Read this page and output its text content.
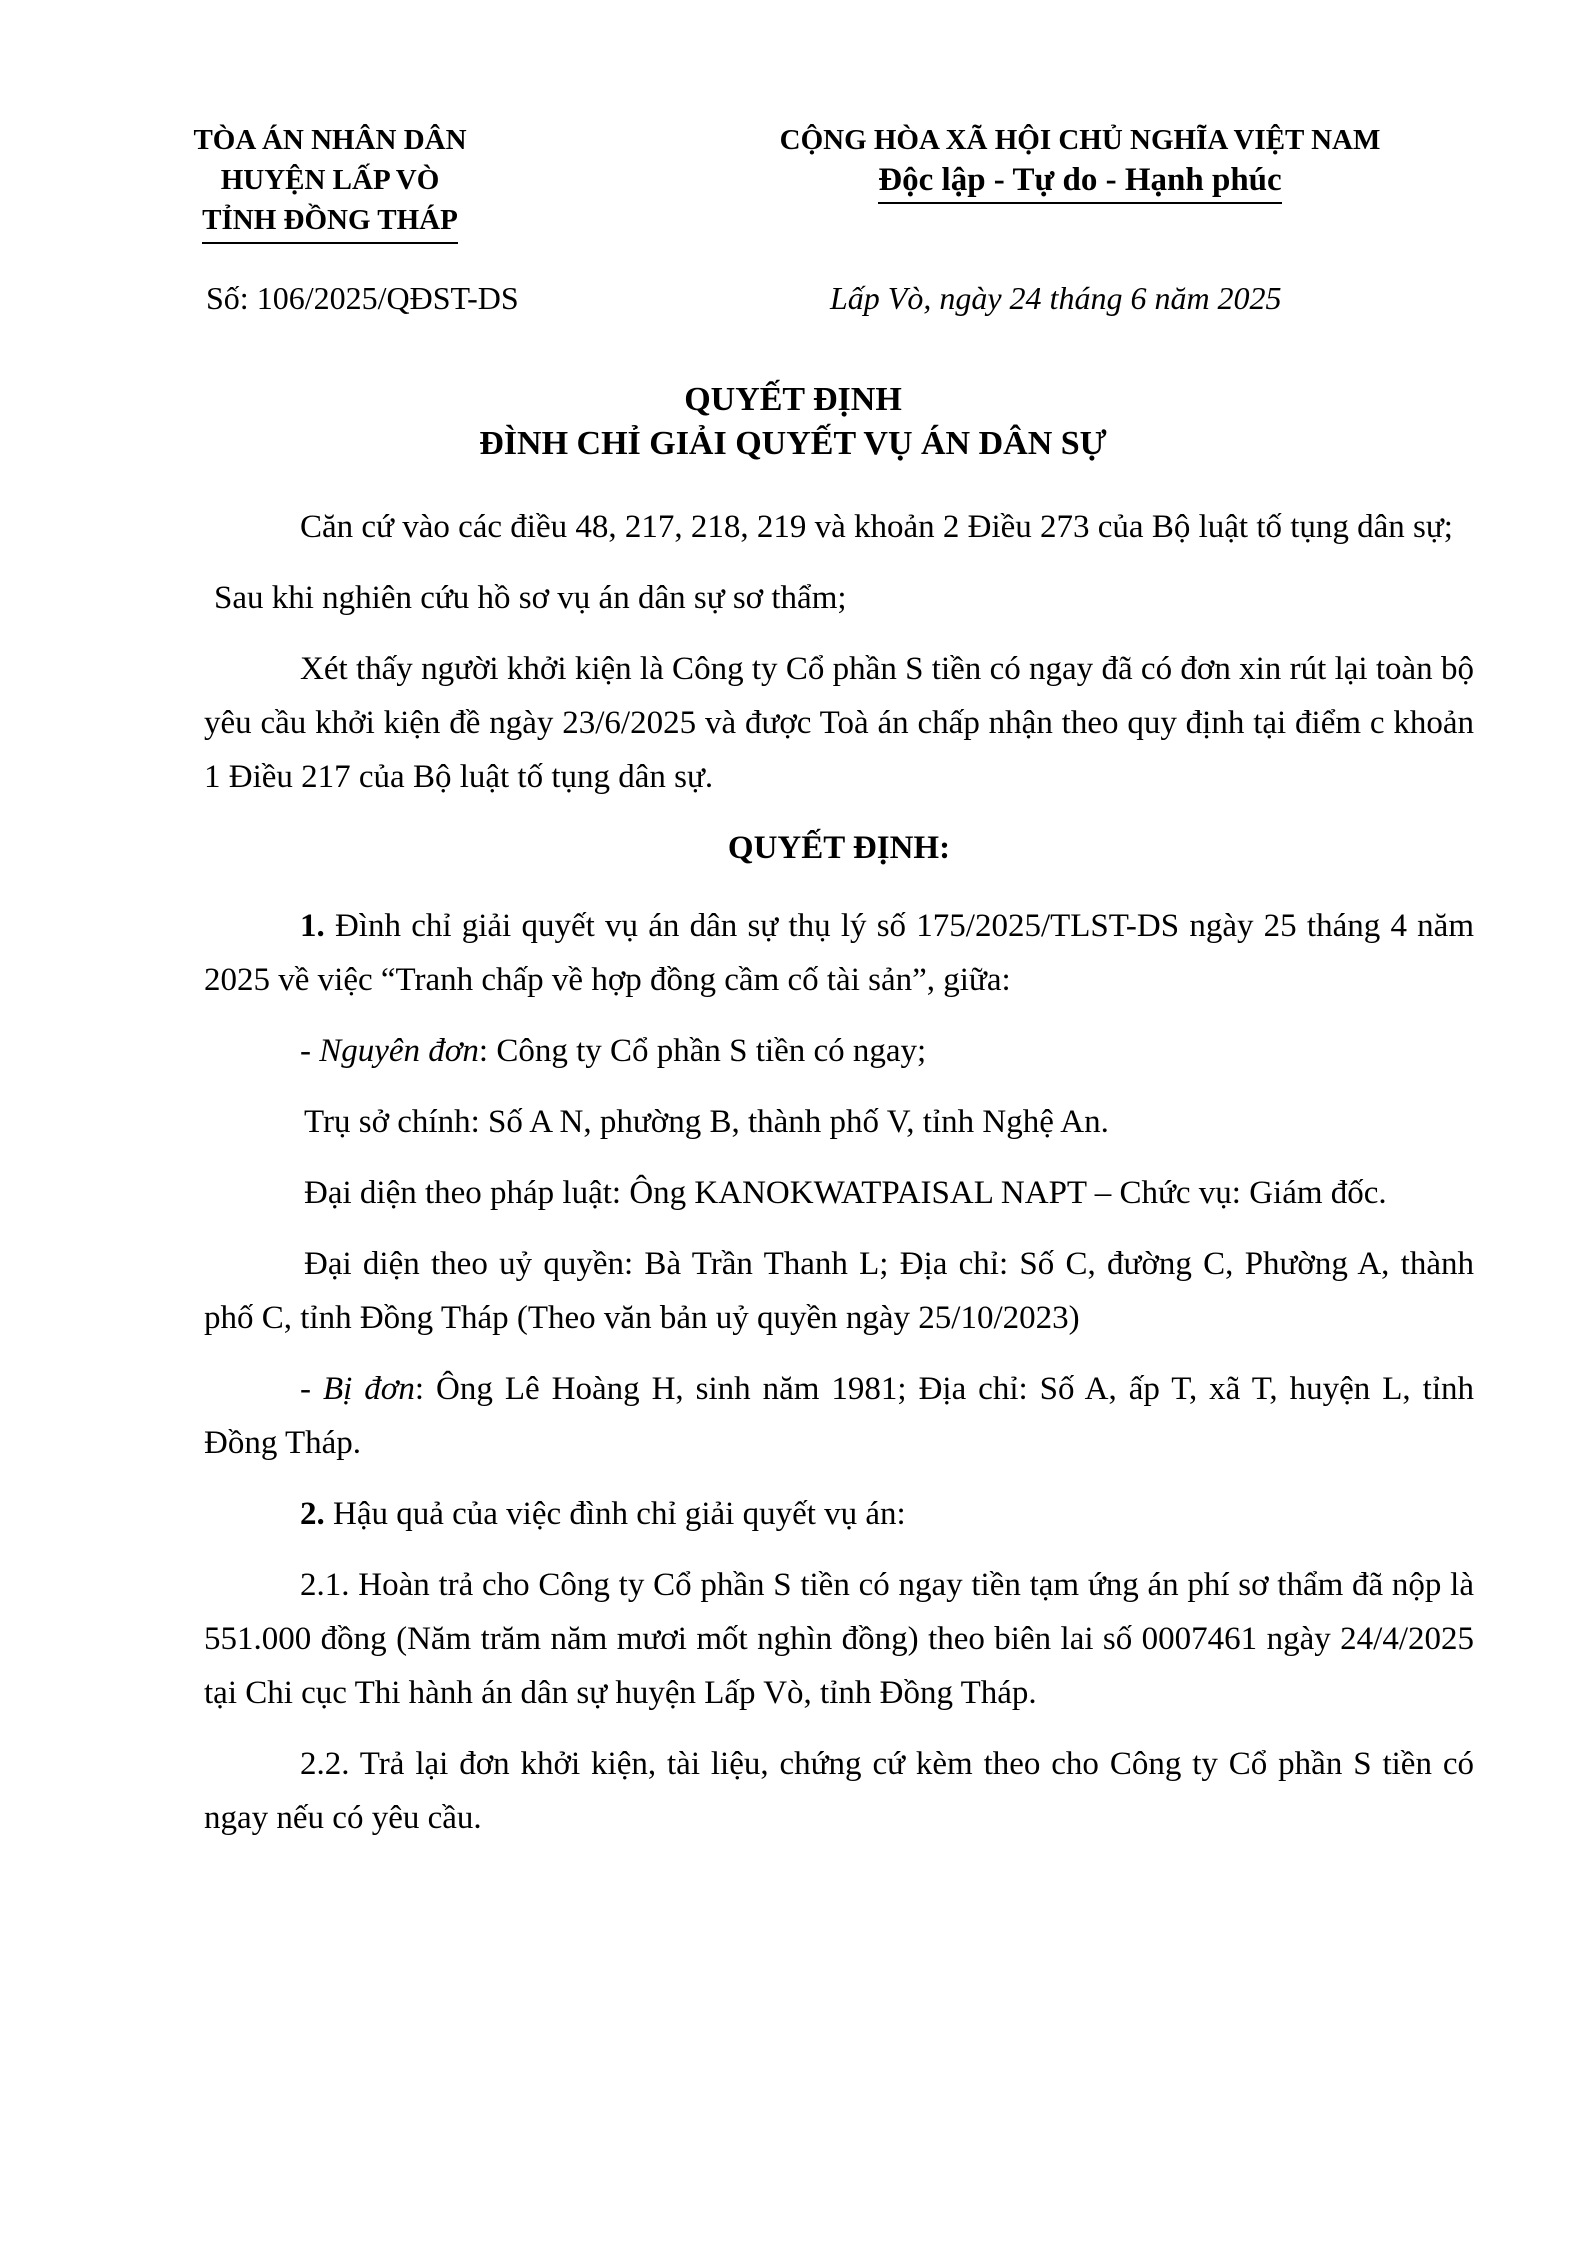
TÒA ÁN NHÂN DÂN
HUYỆN LẤP VÒ
TỈNH ĐỒNG THÁP
CỘNG HÒA XÃ HỘI CHỦ NGHĨA VIỆT NAM
Độc lập - Tự do - Hạnh phúc
Số: 106/2025/QĐST-DS	Lấp Vò, ngày 24 tháng 6 năm 2025
QUYẾT ĐỊNH
ĐÌNH CHỈ GIẢI QUYẾT VỤ ÁN DÂN SỰ

Căn cứ vào các điều 48, 217, 218, 219 và khoản 2 Điều 273 của Bộ luật tố tụng dân sự;

Sau khi nghiên cứu hồ sơ vụ án dân sự sơ thẩm;

Xét thấy người khởi kiện là Công ty Cổ phần S tiền có ngay đã có đơn xin rút lại toàn bộ yêu cầu khởi kiện đề ngày 23/6/2025 và được Toà án chấp nhận theo quy định tại điểm c khoản 1 Điều 217 của Bộ luật tố tụng dân sự.

QUYẾT ĐỊNH:

1. Đình chỉ giải quyết vụ án dân sự thụ lý số 175/2025/TLST-DS ngày 25 tháng 4 năm 2025 về việc “Tranh chấp về hợp đồng cầm cố tài sản”, giữa:

- Nguyên đơn: Công ty Cổ phần S tiền có ngay;

Trụ sở chính: Số A N, phường B, thành phố V, tỉnh Nghệ An.

Đại diện theo pháp luật: Ông KANOKWATPAISAL NAPT – Chức vụ: Giám đốc.

Đại diện theo uỷ quyền: Bà Trần Thanh L; Địa chỉ: Số C, đường C, Phường A, thành phố C, tỉnh Đồng Tháp (Theo văn bản uỷ quyền ngày 25/10/2023)

- Bị đơn: Ông Lê Hoàng H, sinh năm 1981; Địa chỉ: Số A, ấp T, xã T, huyện L, tỉnh Đồng Tháp.

2. Hậu quả của việc đình chỉ giải quyết vụ án:

2.1. Hoàn trả cho Công ty Cổ phần S tiền có ngay tiền tạm ứng án phí sơ thẩm đã nộp là 551.000 đồng (Năm trăm năm mươi mốt nghìn đồng) theo biên lai số 0007461 ngày 24/4/2025 tại Chi cục Thi hành án dân sự huyện Lấp Vò, tỉnh Đồng Tháp.

2.2. Trả lại đơn khởi kiện, tài liệu, chứng cứ kèm theo cho Công ty Cổ phần S tiền có ngay nếu có yêu cầu.
